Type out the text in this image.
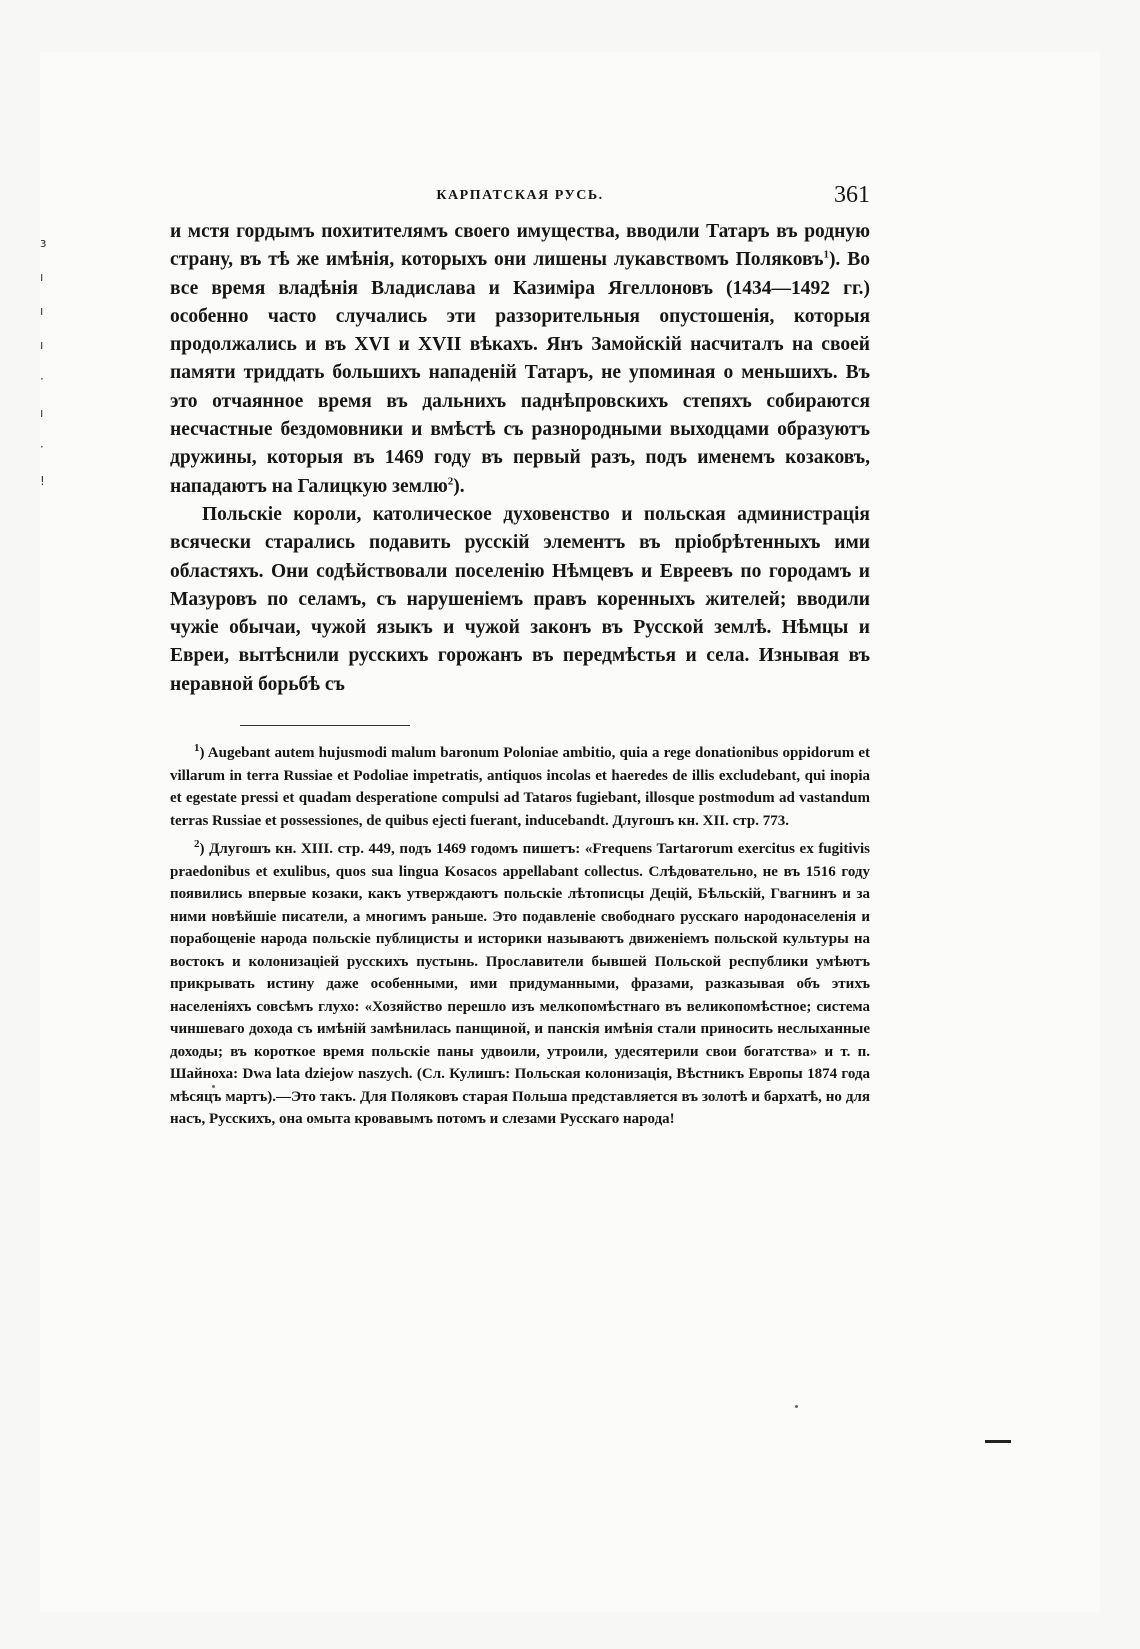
з
ı
ı
ı
·
ı
·
!
КАРПАТСКАЯ РУСЬ.	361

и мстя гордымъ похитителямъ своего имущества, вводили Татаръ въ родную страну, въ тѣ же имѣнія, которыхъ они лишены лукавствомъ Поляковъ$^1$). Во все время владѣнія Владислава и Казиміра Ягеллоновъ (1434—1492 гг.) особенно часто случались эти раззорительныя опустошенія, которыя продолжались и въ XVI и XVII вѣкахъ. Янъ Замойскій насчиталъ на своей памяти триддать большихъ нападеній Татаръ, не упоминая о меньшихъ. Въ это отчаянное время въ дальнихъ паднѣпровскихъ степяхъ собираются несчастные бездомовники и вмѣстѣ съ разнородными выходцами образуютъ дружины, которыя въ 1469 году въ первый разъ, подъ именемъ козаковъ, нападаютъ на Галицкую землю$^2$).

Польскіе короли, католическое духовенство и польская администрація всячески старались подавить русскій элементъ въ пріобрѣтенныхъ ими областяхъ. Они содѣйствовали поселенію Нѣмцевъ и Евреевъ по городамъ и Мазуровъ по селамъ, съ нарушеніемъ правъ коренныхъ жителей; вводили чужіе обычаи, чужой языкъ и чужой законъ въ Русской землѣ. Нѣмцы и Евреи, вытѣснили русскихъ горожанъ въ передмѣстья и села. Изнывая въ неравной борьбѣ съ

$^1$) Augebant autem hujusmodi malum baronum Poloniae ambitio, quia a rege donationibus oppidorum et villarum in terra Russiae et Podoliae impetratis, antiquos incolas et haeredes de illis excludebant, qui inopia et egestate pressi et quadam desperatione compulsi ad Tataros fugiebant, illosque postmodum ad vastandum terras Russiae et possessiones, de quibus ejecti fuerant, inducebandt. Длугошъ кн. XII. стр. 773.

$^2$) Длугошъ кн. XIII. стр. 449, подъ 1469 годомъ пишетъ: «Frequens Tartarorum exercitus ex fugitivis praedonibus et exulibus, quos sua lingua Kosacos appellabant collectus. Слѣдовательно, не въ 1516 году появились впервые козаки, какъ утверждаютъ польскіе лѣтописцы Децій, Бѣльскій, Гвагнинъ и за ними новѣйшіе писатели, а многимъ раньше. Это подавленіе свободнаго русскаго народонаселенія и порабощеніе народа польскіе публицисты и историки называютъ движеніемъ польской культуры на востокъ и колонизаціей русскихъ пустынь. Прославители бывшей Польской республики умѣютъ прикрывать истину даже особенными, ими придуманными, фразами, разказывая объ этихъ населеніяхъ совсѣмъ глухо: «Хозяйство перешло изъ мелкопомѣстнаго въ великопомѣстное; система чиншеваго дохода съ имѣній замѣнилась панщиной, и панскія имѣнія стали приносить неслыханные доходы; въ короткое время польскіе паны удвоили, утроили, удесятерили свои богатства» и т. п. Шайноха: Dwa lata dziejow naszych. (Сл. Кулишъ: Польская колонизація, Вѣстникъ Европы 1874 года мѣсяцъ мартъ).—Это такъ. Для Поляковъ старая Польша представляется въ золотѣ и бархатѣ, но для насъ, Русскихъ, она омыта кровавымъ потомъ и слезами Русскаго народа!
